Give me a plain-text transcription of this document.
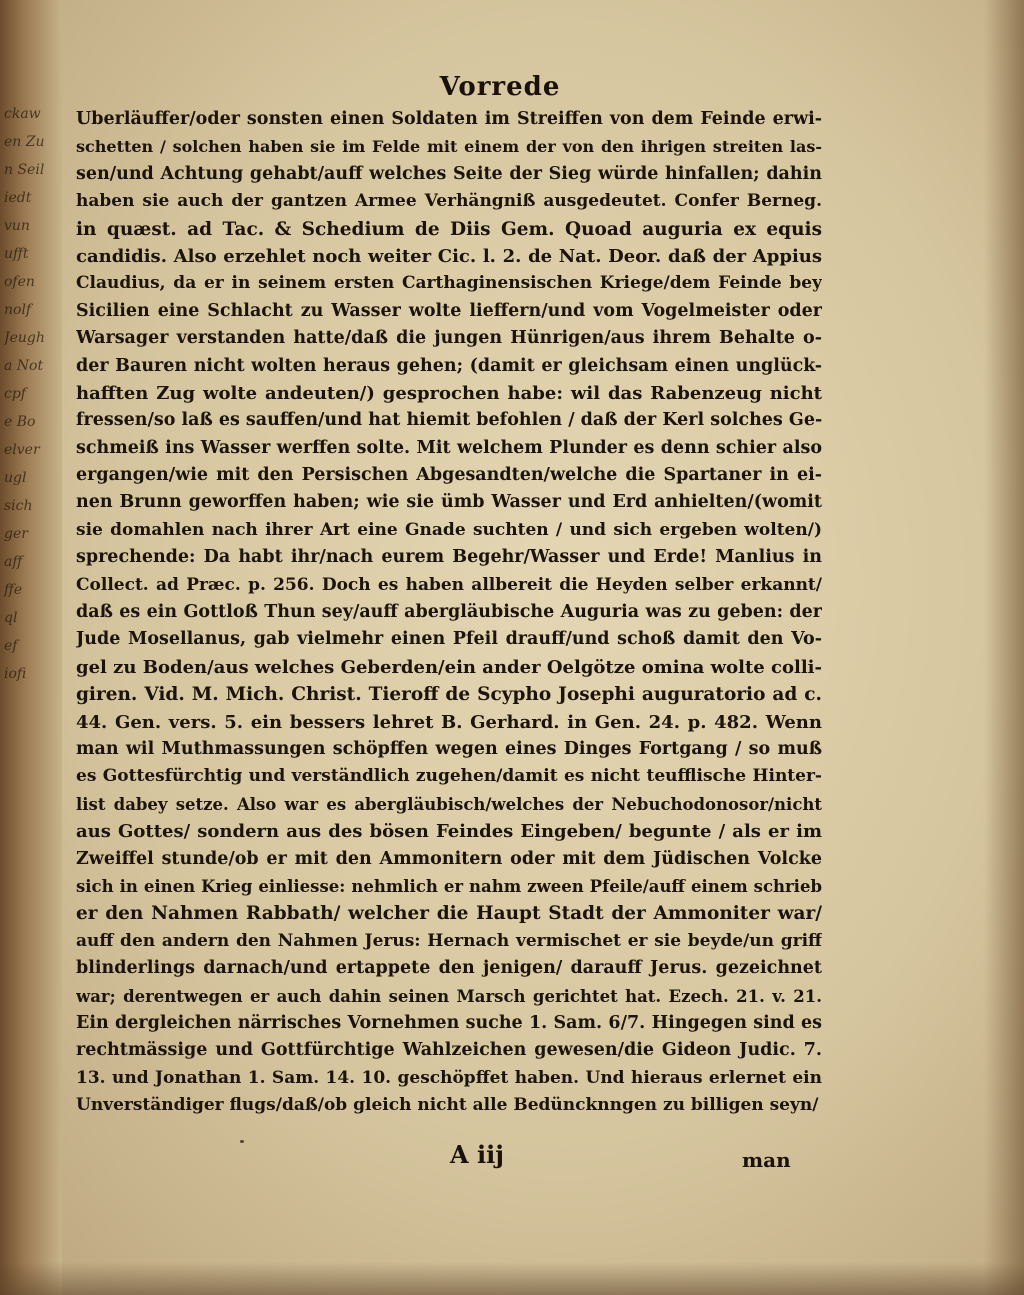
ckaw
en Zu
n Seil
iedt
vun
ufft
ofen
nolf
Jeugh
a Not
cpf
e Bo
elver
ugl
sich
ger
aff
ffe
ql
ef
iofi
Vorrede
Uberläuffer/oder sonsten einen Soldaten im Streiffen von dem Feinde erwi-
schetten / solchen haben sie im Felde mit einem der von den ihrigen streiten las-
sen/und Achtung gehabt/auff welches Seite der Sieg würde hinfallen; dahin
haben sie auch der gantzen Armee Verhängniß ausgedeutet. Confer Berneg.
in quæst. ad Tac. & Schedium de Diis Gem. Quoad auguria ex equis
candidis. Also erzehlet noch weiter Cic. l. 2. de Nat. Deor. daß der Appius
Claudius, da er in seinem ersten Carthaginensischen Kriege/dem Feinde bey
Sicilien eine Schlacht zu Wasser wolte lieffern/und vom Vogelmeister oder
Warsager verstanden hatte/daß die jungen Hünrigen/aus ihrem Behalte o-
der Bauren nicht wolten heraus gehen; (damit er gleichsam einen unglück-
hafften Zug wolte andeuten/) gesprochen habe: wil das Rabenzeug nicht
fressen/so laß es sauffen/und hat hiemit befohlen / daß der Kerl solches Ge-
schmeiß ins Wasser werffen solte. Mit welchem Plunder es denn schier also
ergangen/wie mit den Persischen Abgesandten/welche die Spartaner in ei-
nen Brunn geworffen haben; wie sie ümb Wasser und Erd anhielten/(womit
sie domahlen nach ihrer Art eine Gnade suchten / und sich ergeben wolten/)
sprechende: Da habt ihr/nach eurem Begehr/Wasser und Erde! Manlius in
Collect. ad Præc. p. 256. Doch es haben allbereit die Heyden selber erkannt/
daß es ein Gottloß Thun sey/auff abergläubische Auguria was zu geben: der
Jude Mosellanus, gab vielmehr einen Pfeil drauff/und schoß damit den Vo-
gel zu Boden/aus welches Geberden/ein ander Oelgötze omina wolte colli-
giren. Vid. M. Mich. Christ. Tieroff de Scypho Josephi auguratorio ad c.
44. Gen. vers. 5. ein bessers lehret B. Gerhard. in Gen. 24. p. 482. Wenn
man wil Muthmassungen schöpffen wegen eines Dinges Fortgang / so muß
es Gottesfürchtig und verständlich zugehen/damit es nicht teufflische Hinter-
list dabey setze. Also war es abergläubisch/welches der Nebuchodonosor/nicht
aus Gottes/ sondern aus des bösen Feindes Eingeben/ begunte / als er im
Zweiffel stunde/ob er mit den Ammonitern oder mit dem Jüdischen Volcke
sich in einen Krieg einliesse: nehmlich er nahm zween Pfeile/auff einem schrieb
er den Nahmen Rabbath/ welcher die Haupt Stadt der Ammoniter war/
auff den andern den Nahmen Jerus: Hernach vermischet er sie beyde/un griff
blinderlings darnach/und ertappete den jenigen/ darauff Jerus. gezeichnet
war; derentwegen er auch dahin seinen Marsch gerichtet hat. Ezech. 21. v. 21.
Ein dergleichen närrisches Vornehmen suche 1. Sam. 6/7. Hingegen sind es
rechtmässige und Gottfürchtige Wahlzeichen gewesen/die Gideon Judic. 7.
13. und Jonathan 1. Sam. 14. 10. geschöpffet haben. Und hieraus erlernet ein
Unverständiger flugs/daß/ob gleich nicht alle Bedüncknngen zu billigen seyn/
A iij	man
